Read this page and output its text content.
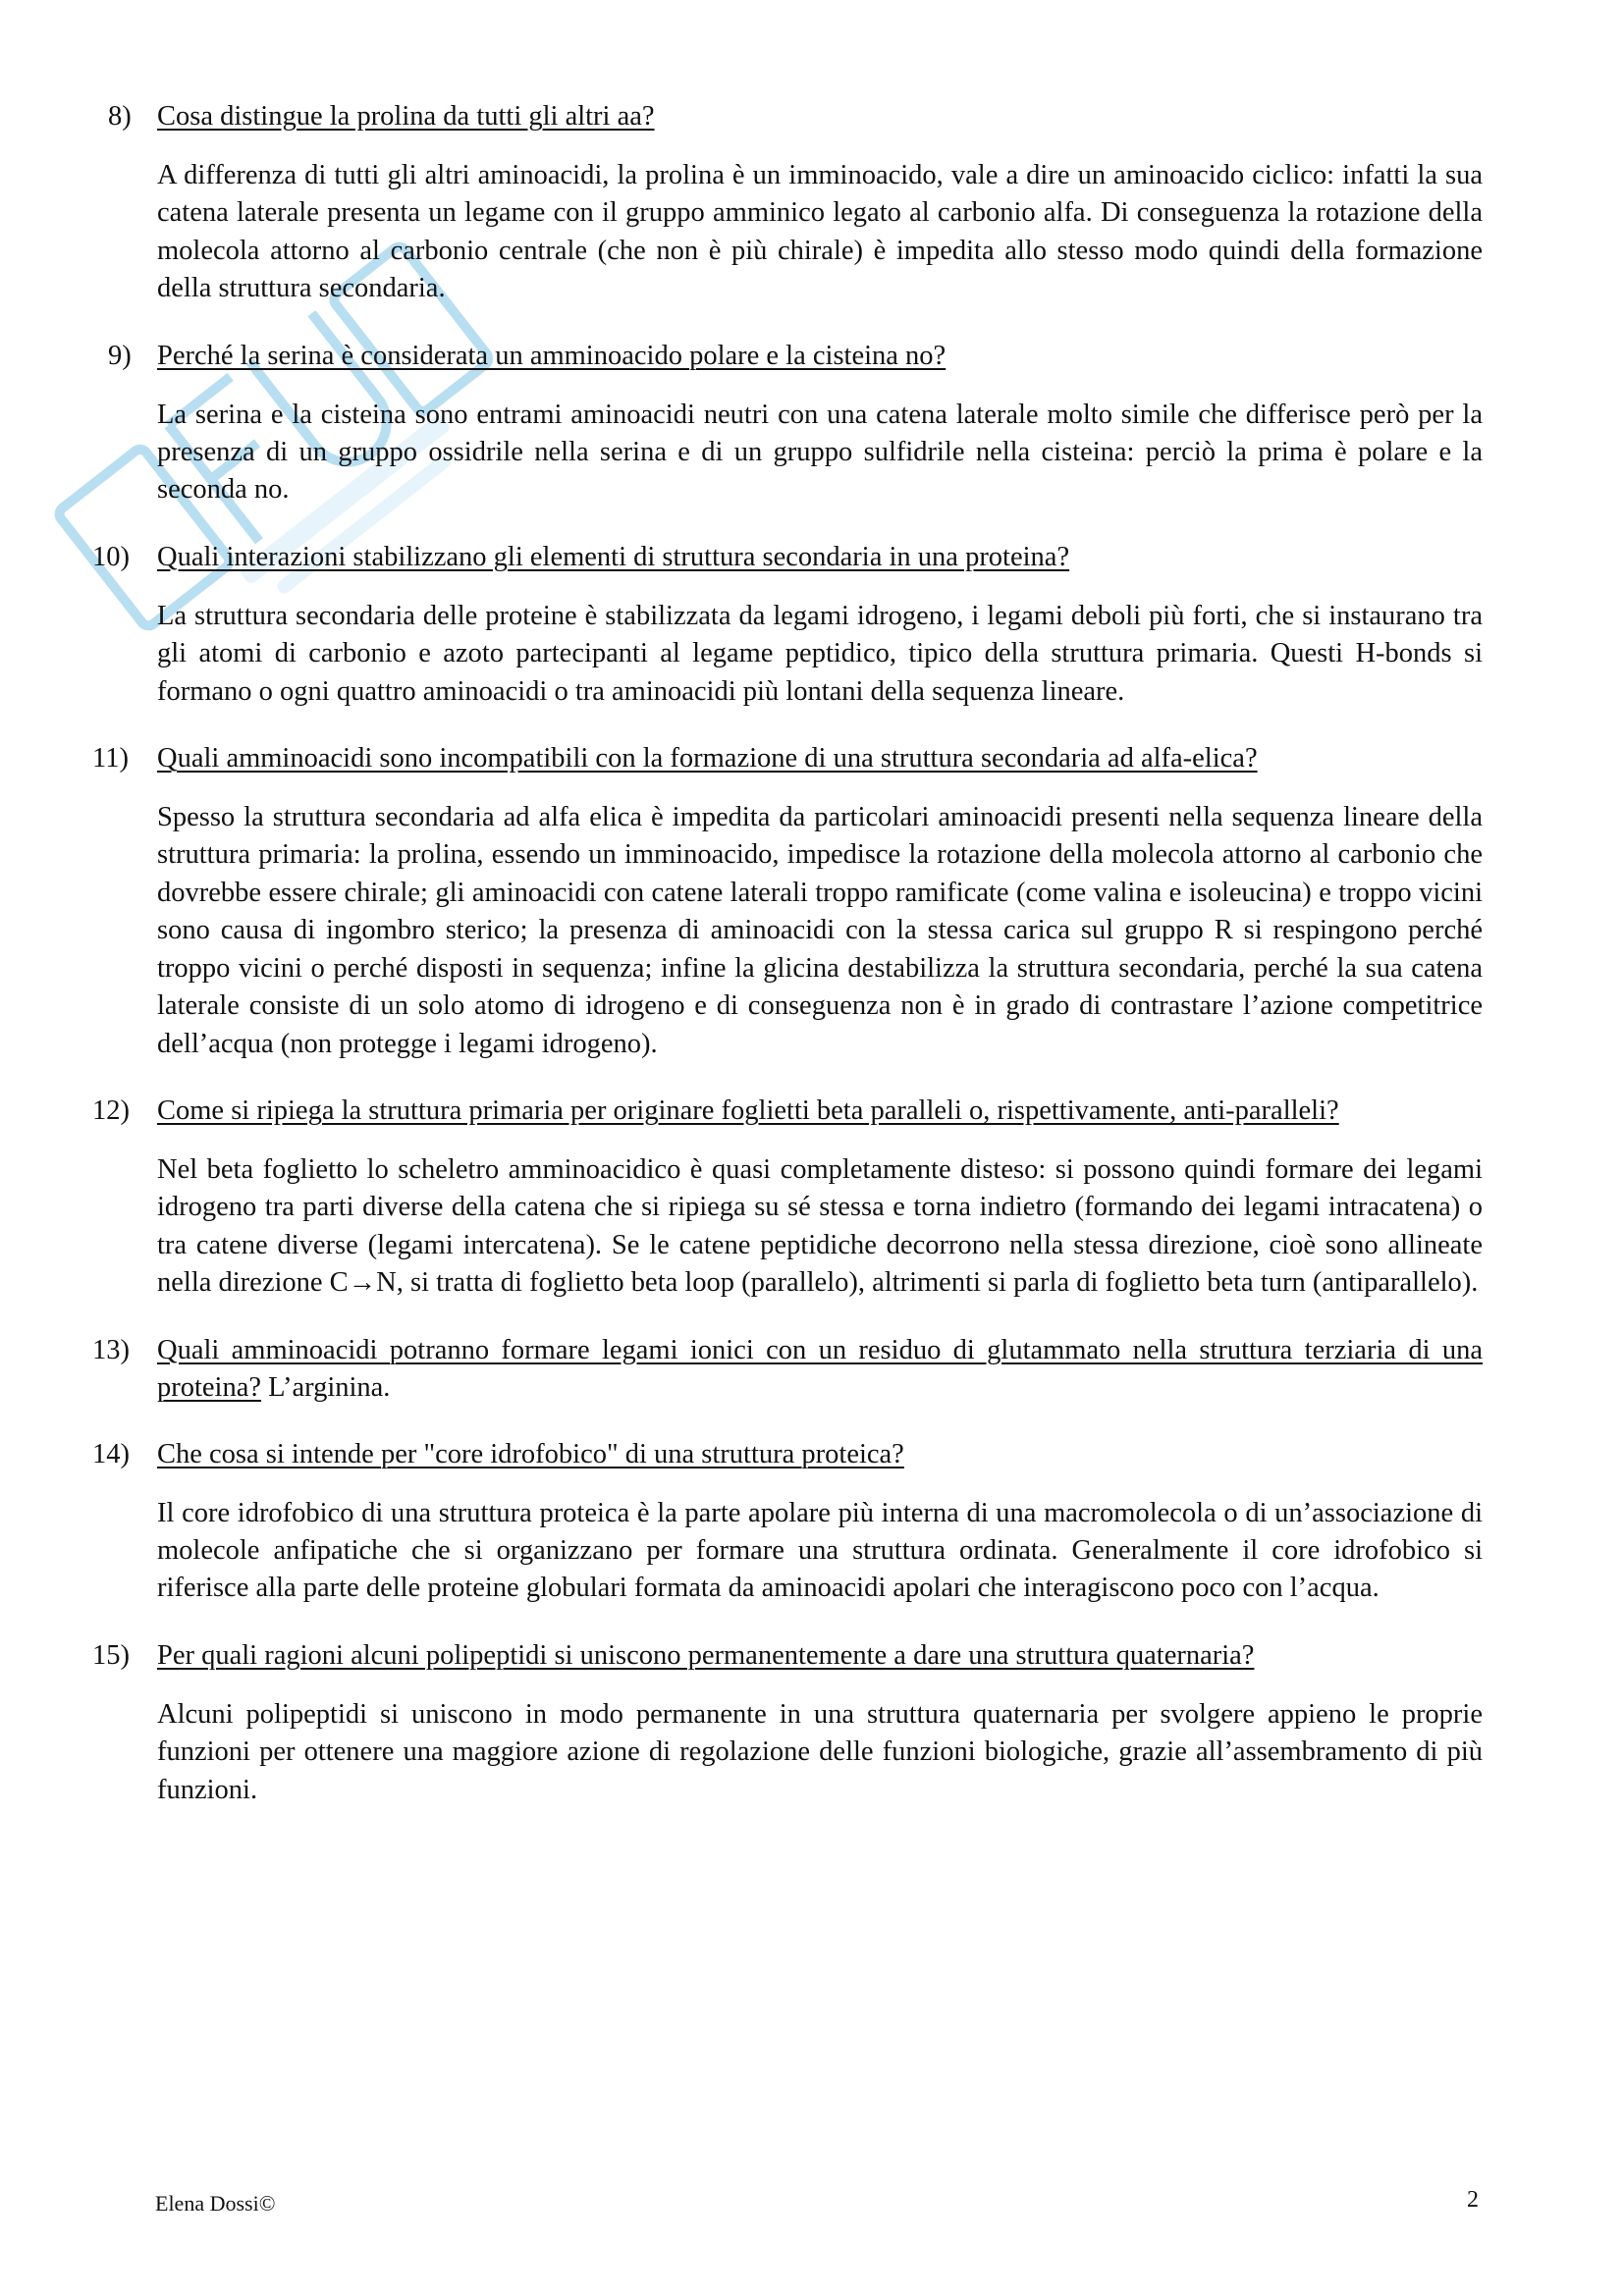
8) Cosa distingue la prolina da tutti gli altri aa?

A differenza di tutti gli altri aminoacidi, la prolina è un imminoacido, vale a dire un aminoacido ciclico: infatti la sua catena laterale presenta un legame con il gruppo amminico legato al carbonio alfa. Di conseguenza la rotazione della molecola attorno al carbonio centrale (che non è più chirale) è impedita allo stesso modo quindi della formazione della struttura secondaria.

9) Perché la serina è considerata un amminoacido polare e la cisteina no?

La serina e la cisteina sono entrami aminoacidi neutri con una catena laterale molto simile che differisce però per la presenza di un gruppo ossidrile nella serina e di un gruppo sulfidrile nella cisteina: perciò la prima è polare e la seconda no.

10) Quali interazioni stabilizzano gli elementi di struttura secondaria in una proteina?

La struttura secondaria delle proteine è stabilizzata da legami idrogeno, i legami deboli più forti, che si instaurano tra gli atomi di carbonio e azoto partecipanti al legame peptidico, tipico della struttura primaria. Questi H-bonds si formano o ogni quattro aminoacidi o tra aminoacidi più lontani della sequenza lineare.

11)	Quali amminoacidi sono incompatibili con la formazione di una struttura secondaria ad alfa-elica?

Spesso la struttura secondaria ad alfa elica è impedita da particolari aminoacidi presenti nella sequenza lineare della struttura primaria: la prolina, essendo un imminoacido, impedisce la rotazione della molecola attorno al carbonio che dovrebbe essere chirale; gli aminoacidi con catene laterali troppo ramificate (come valina e isoleucina) e troppo vicini sono causa di ingombro sterico; la presenza di aminoacidi con la stessa carica sul gruppo R si respingono perché troppo vicini o perché disposti in sequenza; infine la glicina destabilizza la struttura secondaria, perché la sua catena laterale consiste di un solo atomo di idrogeno e di conseguenza non è in grado di contrastare l’azione competitrice dell’acqua (non protegge i legami idrogeno).

12) Come si ripiega la struttura primaria per originare foglietti beta paralleli o, rispettivamente, anti-paralleli?

Nel beta foglietto lo scheletro amminoacidico è quasi completamente disteso: si possono quindi formare dei legami idrogeno tra parti diverse della catena che si ripiega su sé stessa e torna indietro (formando dei legami intracatena) o tra catene diverse (legami intercatena). Se le catene peptidiche decorrono nella stessa direzione, cioè sono allineate nella direzione C→N, si tratta di foglietto beta loop (parallelo), altrimenti si parla di foglietto beta turn (antiparallelo).

13) Quali amminoacidi potranno formare legami ionici con un residuo di glutammato nella struttura terziaria di una proteina? L’arginina.
14) Che cosa si intende per "core idrofobico" di una struttura proteica?

Il core idrofobico di una struttura proteica è la parte apolare più interna di una macromolecola o di un’associazione di molecole anfipatiche che si organizzano per formare una struttura ordinata. Generalmente il core idrofobico si riferisce alla parte delle proteine globulari formata da aminoacidi apolari che interagiscono poco con l’acqua.

15) Per quali ragioni alcuni polipeptidi si uniscono permanentemente a dare una struttura quaternaria?

Alcuni polipeptidi si uniscono in modo permanente in una struttura quaternaria per svolgere appieno le proprie funzioni per ottenere una maggiore azione di regolazione delle funzioni biologiche, grazie all’assembramento di più funzioni.

Elena Dossi©	2
